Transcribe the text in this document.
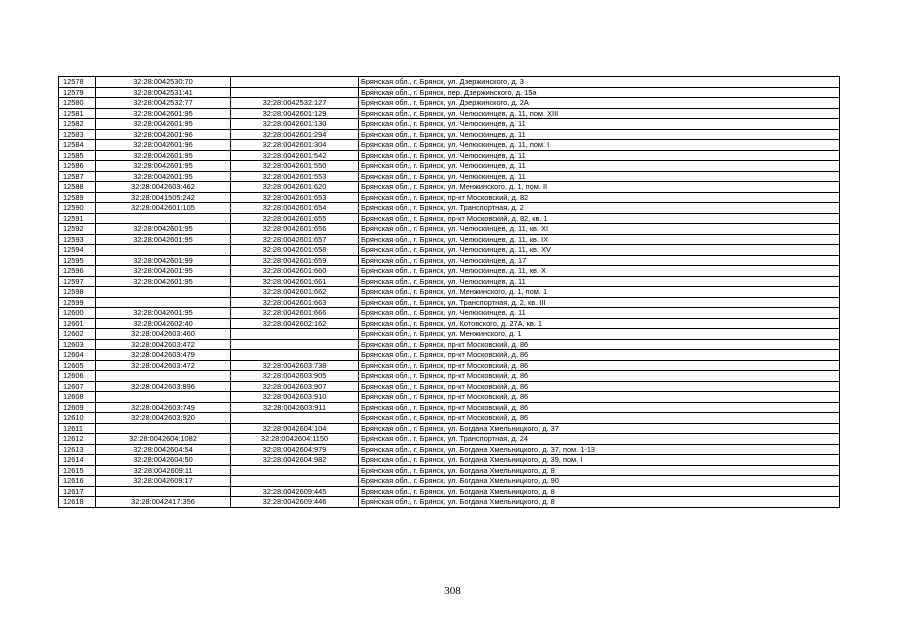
12578	32:28:0042530:70		Брянская обл., г. Брянск, ул. Дзержинского, д. 3
12579	32:28:0042531:41		Брянская обл., г. Брянск, пер. Дзержинского, д. 15а
12580	32:28:0042532:77	32:28:0042532:127	Брянская обл., г. Брянск, ул. Дзержинского, д. 2А
12581	32:28:0042601:95	32:28:0042601:129	Брянская обл., г. Брянск, ул. Челюскинцев, д. 11, пом. XIII
12582	32:28:0042601:95	32:28:0042601:130	Брянская обл., г. Брянск, ул. Челюскинцев, д. 11
12583	32:28:0042601:96	32:28:0042601:294	Брянская обл., г. Брянск, ул. Челюскинцев, д. 11
12584	32:28:0042601:96	32:28:0042601:304	Брянская обл., г. Брянск, ул. Челюскинцев, д. 11, пом. I
12585	32:28:0042601:95	32:28:0042601:542	Брянская обл., г. Брянск, ул. Челюскинцев, д. 11
12586	32:28:0042601:95	32:28:0042601:550	Брянская обл., г. Брянск, ул. Челюскинцев, д. 11
12587	32:28:0042601:95	32:28:0042601:553	Брянская обл., г. Брянск, ул. Челюскинцев, д. 11
12588	32:28:0042603:462	32:28:0042601:620	Брянская обл., г. Брянск, ул. Менжинского, д. 1, пом. II
12589	32:28:0041505:242	32:28:0042601:653	Брянская обл., г. Брянск, пр-кт Московский, д. 82
12590	32:28:0042601:105	32:28:0042601:654	Брянская обл., г. Брянск, ул. Транспортная, д. 2
12591		32:28:0042601:655	Брянская обл., г. Брянск, пр-кт Московский, д. 82, кв. 1
12592	32:28:0042601:95	32:28:0042601:656	Брянская обл., г. Брянск, ул. Челюскинцев, д. 11, кв. XI
12593	32:28:0042601:95	32:28:0042601:657	Брянская обл., г. Брянск, ул. Челюскинцев, д. 11, кв. IX
12594		32:28:0042601:658	Брянская обл., г. Брянск, ул. Челюскинцев, д. 11, кв. XV
12595	32:28:0042601:99	32:28:0042601:659	Брянская обл., г. Брянск, ул. Челюскинцев, д. 17
12596	32:28:0042601:95	32:28:0042601:660	Брянская обл., г. Брянск, ул. Челюскинцев, д. 11, кв. X
12597	32:28:0042601:95	32:28:0042601:661	Брянская обл., г. Брянск, ул. Челюскинцев, д. 11
12598		32:28:0042601:662	Брянская обл., г. Брянск, ул. Менжинского, д. 1, пом. 1
12599		32:28:0042601:663	Брянская обл., г. Брянск, ул. Транспортная, д. 2, кв. III
12600	32:28:0042601:95	32:28:0042601:666	Брянская обл., г. Брянск, ул. Челюскинцев, д. 11
12601	32:28:0042602:40	32:28:0042602:162	Брянская обл., г. Брянск, ул. Котовского, д. 27А, кв. 1
12602	32:28:0042603:460		Брянская обл., г. Брянск, ул. Менжинского, д. 1
12603	32:28:0042603:472		Брянская обл., г. Брянск, пр-кт Московский, д. 86
12604	32:28:0042603:479		Брянская обл., г. Брянск, пр-кт Московский, д. 86
12605	32:28:0042603:472	32:28:0042603:738	Брянская обл., г. Брянск, пр-кт Московский, д. 86
12606		32:28:0042603:905	Брянская обл., г. Брянск, пр-кт Московский, д. 86
12607	32:28:0042603:896	32:28:0042603:907	Брянская обл., г. Брянск, пр-кт Московский, д. 86
12608		32:28:0042603:910	Брянская обл., г. Брянск, пр-кт Московский, д. 86
12609	32:28:0042603:749	32:28:0042603:911	Брянская обл., г. Брянск, пр-кт Московский, д. 86
12610	32:28:0042603:920		Брянская обл., г. Брянск, пр-кт Московский, д. 86
12611		32:28:0042604:104	Брянская обл., г. Брянск, ул. Богдана Хмельницкого, д. 37
12612	32:28:0042604:1082	32:28:0042604:1150	Брянская обл., г. Брянск, ул. Транспортная, д. 24
12613	32:28:0042604:54	32:28:0042604:979	Брянская обл., г. Брянск, ул. Богдана Хмельницкого, д. 37, пом. 1-13
12614	32:28:0042604:50	32:28:0042604:982	Брянская обл., г. Брянск, ул. Богдана Хмельницкого, д. 39, пом. I
12615	32:28:0042609:11		Брянская обл., г. Брянск, ул. Богдана Хмельницкого, д. 8
12616	32:28:0042609:17		Брянская обл., г. Брянск, ул. Богдана Хмельницкого, д. 90
12617		32:28:0042609:445	Брянская обл., г. Брянск, ул. Богдана Хмельницкого, д. 8
12618	32:28:0042417:356	32:28:0042609:446	Брянская обл., г. Брянск, ул. Богдана Хмельницкого, д. 8
308
